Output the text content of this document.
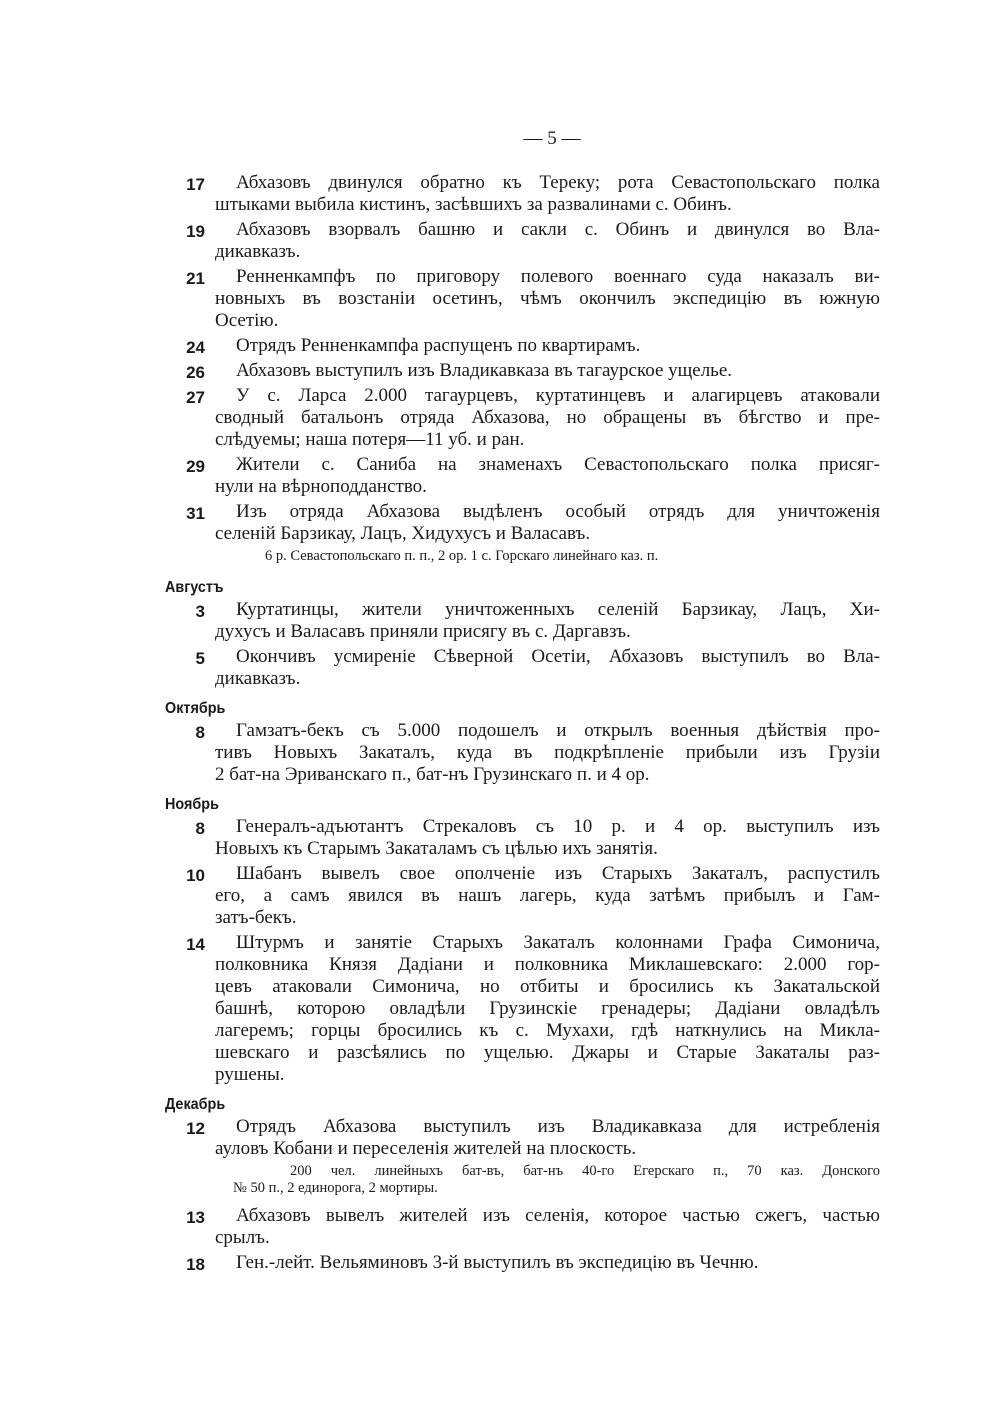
— 5 —
17	Абхазовъ двинулся обратно къ Тереку; рота Севастопольскаго полка
штыками выбила кистинъ, засѣвшихъ за развалинами с. Обинъ.
19	Абхазовъ взорвалъ башню и сакли с. Обинъ и двинулся во Вла-
дикавказъ.
21	Ренненкампфъ по приговору полевого военнаго суда наказалъ ви-
новныхъ въ возстаніи осетинъ, чѣмъ окончилъ экспедицію въ южную
Осетію.
24	Отрядъ Ренненкампфа распущенъ по квартирамъ.
26	Абхазовъ выступилъ изъ Владикавказа въ тагаурское ущелье.
27	У с. Ларса 2.000 тагаурцевъ, куртатинцевъ и алагирцевъ атаковали
сводный батальонъ отряда Абхазова, но обращены въ бѣгство и пре-
слѣдуемы; наша потеря—11 уб. и ран.
29	Жители с. Саниба на знаменахъ Севастопольскаго полка присяг-
нули на вѣрноподданство.
31	Изъ отряда Абхазова выдѣленъ особый отрядъ для уничтоженія
селеній Барзикау, Лацъ, Хидухусъ и Валасавъ.
6 р. Севастопольскаго п. п., 2 ор. 1 с. Горскаго линейнаго каз. п.
Августъ
3	Куртатинцы, жители уничтоженныхъ селеній Барзикау, Лацъ, Хи-
духусъ и Валасавъ приняли присягу въ с. Даргавзъ.
5	Окончивъ усмиреніе Сѣверной Осетіи, Абхазовъ выступилъ во Вла-
дикавказъ.
Октябрь
8	Гамзатъ-бекъ съ 5.000 подошелъ и открылъ военныя дѣйствія про-
тивъ Новыхъ Закаталъ, куда въ подкрѣпленіе прибыли изъ Грузіи
2 бат-на Эриванскаго п., бат-нъ Грузинскаго п. и 4 ор.
Ноябрь
8	Генералъ-адъютантъ Стрекаловъ съ 10 р. и 4 ор. выступилъ изъ
Новыхъ къ Старымъ Закаталамъ съ цѣлью ихъ занятія.
10	Шабанъ вывелъ свое ополченіе изъ Старыхъ Закаталъ, распустилъ
его, а самъ явился въ нашъ лагерь, куда затѣмъ прибылъ и Гам-
затъ-бекъ.
14	Штурмъ и занятіе Старыхъ Закаталъ колоннами Графа Симонича,
полковника Князя Дадіани и полковника Миклашевскаго: 2.000 гор-
цевъ атаковали Симонича, но отбиты и бросились къ Закатальской
башнѣ, которою овладѣли Грузинскіе гренадеры; Дадіани овладѣлъ
лагеремъ; горцы бросились къ с. Мухахи, гдѣ наткнулись на Микла-
шевскаго и разсѣялись по ущелью. Джары и Старые Закаталы раз-
рушены.
Декабрь
12	Отрядъ Абхазова выступилъ изъ Владикавказа для истребленія
ауловъ Кобани и переселенія жителей на плоскость.
200 чел. линейныхъ бат-въ, бат-нъ 40-го Егерскаго п., 70 каз. Донского
№ 50 п., 2 единорога, 2 мортиры.
13	Абхазовъ вывелъ жителей изъ селенія, которое частью сжегъ, частью
срылъ.
18	Ген.-лейт. Вельяминовъ 3-й выступилъ въ экспедицію въ Чечню.
